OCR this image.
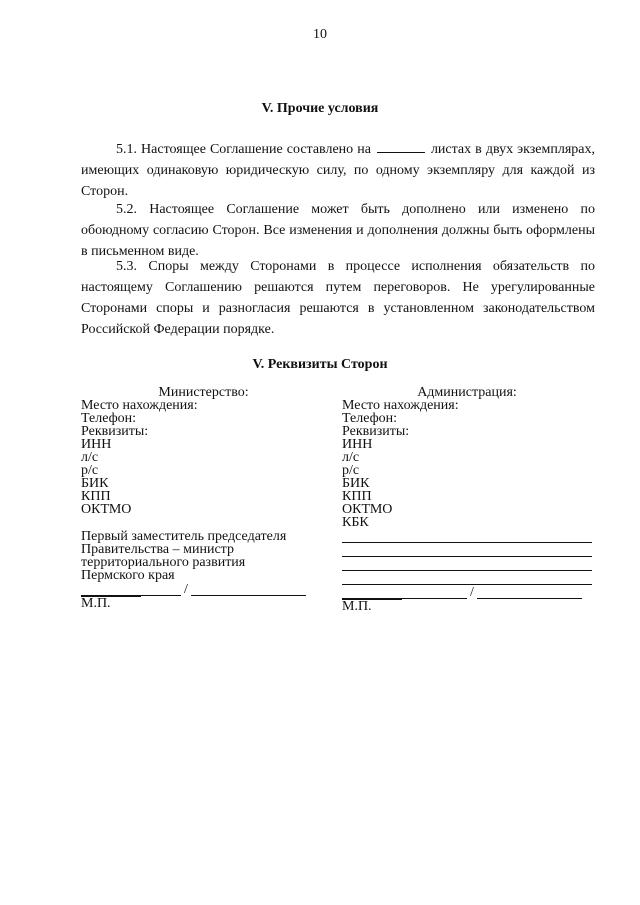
10
V. Прочие условия

5.1. Настоящее Соглашение составлено на	листах в двух экземплярах, имеющих одинаковую юридическую силу, по одному экземпляру для каждой из Сторон.

5.2. Настоящее Соглашение может быть дополнено или изменено по обоюдному согласию Сторон. Все изменения и дополнения должны быть оформлены в письменном виде.

5.3. Споры между Сторонами в процессе исполнения обязательств по настоящему Соглашению решаются путем переговоров. Не урегулированные Сторонами споры и разногласия решаются в установленном законодательством Российской Федерации порядке.

V. Реквизиты Сторон
Министерство:
Место нахождения:
Телефон:
Реквизиты:
ИНН
л/с
р/с
БИК
КПП
ОКТМО
Первый заместитель председателя
Правительства – министр
территориального развития
Пермского края
/
М.П.
Администрация:
Место нахождения:
Телефон:
Реквизиты:
ИНН
л/с
р/с
БИК
КПП
ОКТМО
КБК
/
М.П.
